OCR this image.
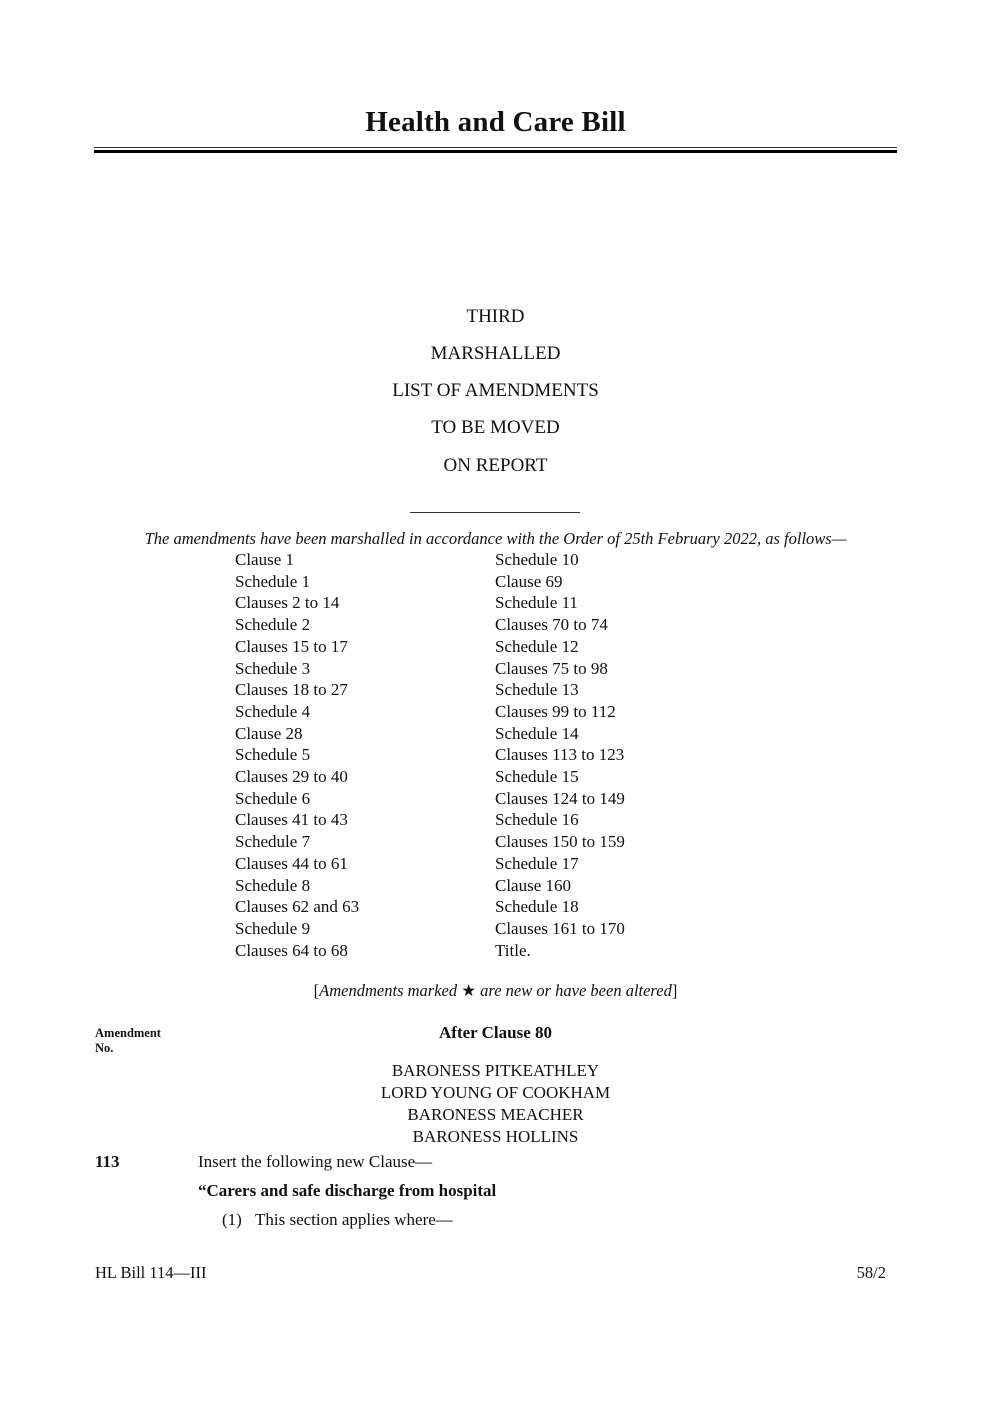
Health and Care Bill
THIRD
MARSHALLED
LIST OF AMENDMENTS
TO BE MOVED
ON REPORT
The amendments have been marshalled in accordance with the Order of 25th February 2022, as follows—
Clause 1
Schedule 1
Clauses 2 to 14
Schedule 2
Clauses 15 to 17
Schedule 3
Clauses 18 to 27
Schedule 4
Clause 28
Schedule 5
Clauses 29 to 40
Schedule 6
Clauses 41 to 43
Schedule 7
Clauses 44 to 61
Schedule 8
Clauses 62 and 63
Schedule 9
Clauses 64 to 68
Schedule 10
Clause 69
Schedule 11
Clauses 70 to 74
Schedule 12
Clauses 75 to 98
Schedule 13
Clauses 99 to 112
Schedule 14
Clauses 113 to 123
Schedule 15
Clauses 124 to 149
Schedule 16
Clauses 150 to 159
Schedule 17
Clause 160
Schedule 18
Clauses 161 to 170
Title.
[Amendments marked ★ are new or have been altered]
Amendment
No.
After Clause 80
BARONESS PITKEATHLEY
LORD YOUNG OF COOKHAM
BARONESS MEACHER
BARONESS HOLLINS
113	Insert the following new Clause—
“Carers and safe discharge from hospital
(1) This section applies where—
HL Bill 114—III	58/2
